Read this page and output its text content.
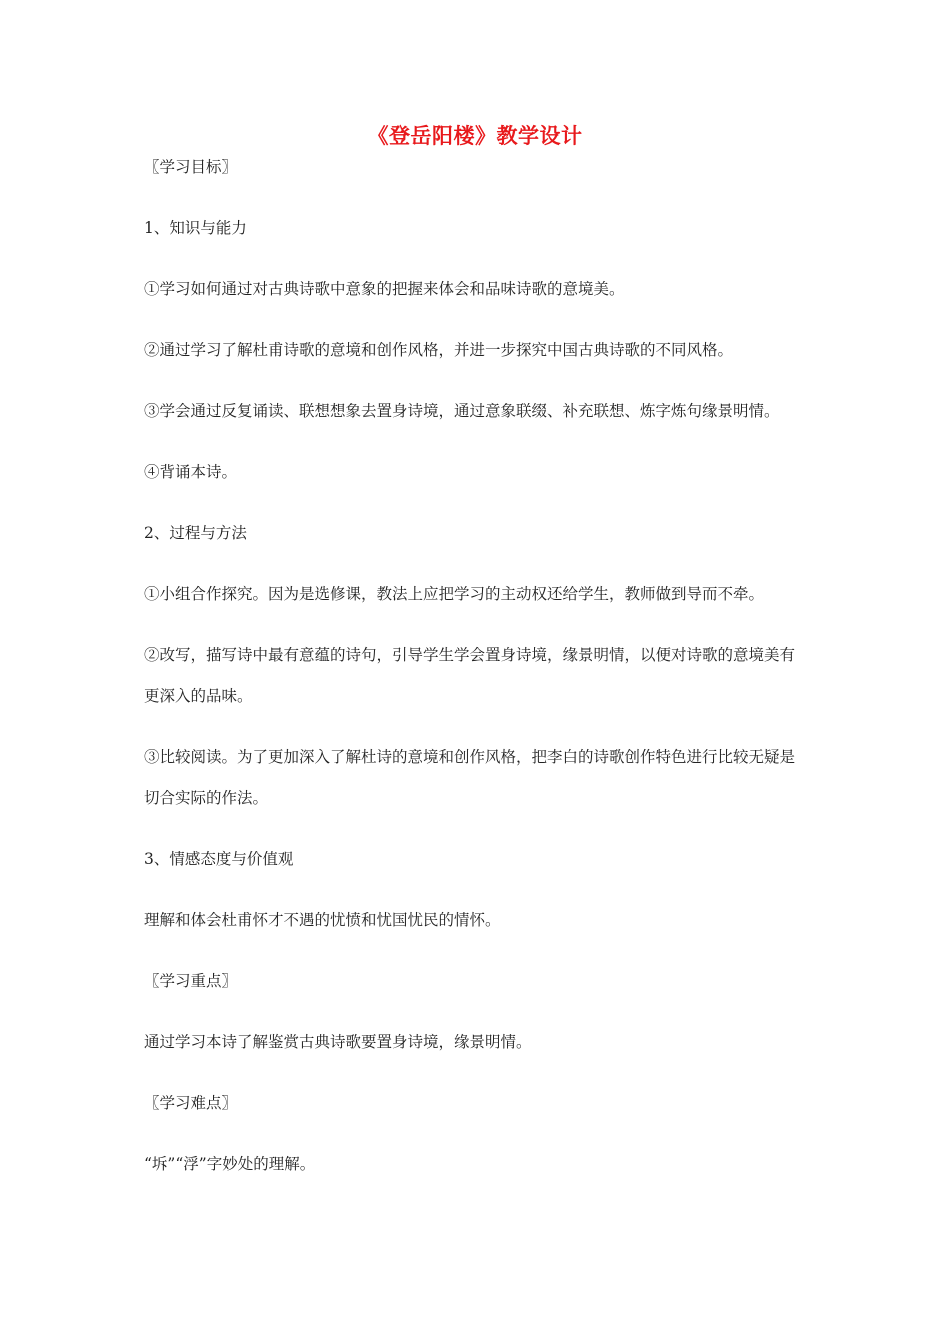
《登岳阳楼》教学设计

〖学习目标〗

1、知识与能力

①学习如何通过对古典诗歌中意象的把握来体会和品味诗歌的意境美。

②通过学习了解杜甫诗歌的意境和创作风格，并进一步探究中国古典诗歌的不同风格。

③学会通过反复诵读、联想想象去置身诗境，通过意象联缀、补充联想、炼字炼句缘景明情。

④背诵本诗。

2、过程与方法

①小组合作探究。因为是选修课，教法上应把学习的主动权还给学生，教师做到导而不牵。

②改写，描写诗中最有意蕴的诗句，引导学生学会置身诗境，缘景明情，以便对诗歌的意境美有更深入的品味。

③比较阅读。为了更加深入了解杜诗的意境和创作风格，把李白的诗歌创作特色进行比较无疑是切合实际的作法。

3、情感态度与价值观

理解和体会杜甫怀才不遇的忧愤和忧国忧民的情怀。

〖学习重点〗

通过学习本诗了解鉴赏古典诗歌要置身诗境，缘景明情。

〖学习难点〗

“坼”“浮”字妙处的理解。
